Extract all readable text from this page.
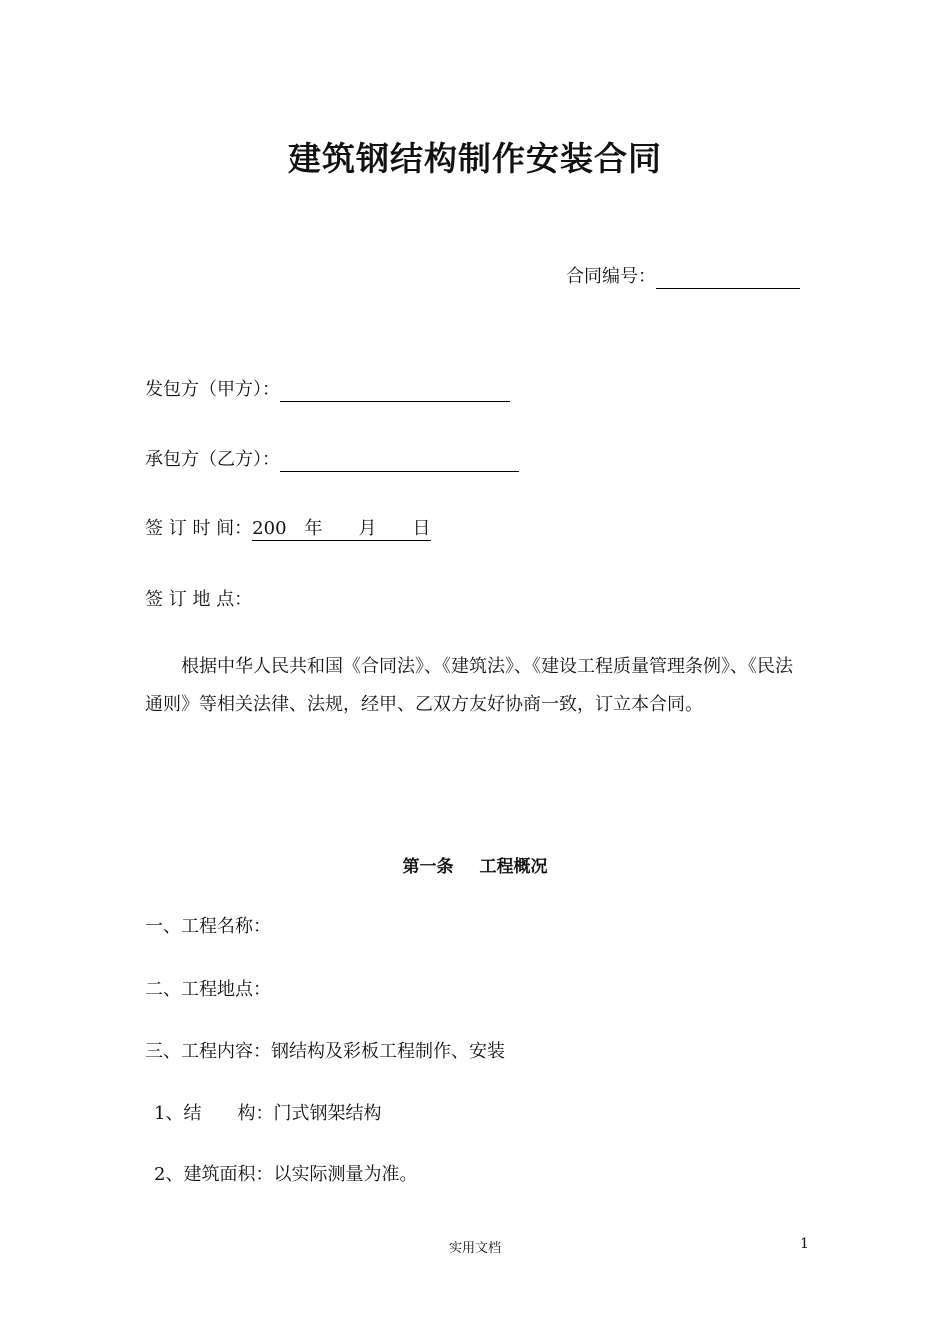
建筑钢结构制作安装合同
合同编号：
发包方（甲方）：
承包方（乙方）：
签 订 时 间：200　年　　月　　日
签 订 地 点：
根据中华人民共和国《合同法》、《建筑法》、《建设工程质量管理条例》、《民法
通则》等相关法律、法规，经甲、乙双方友好协商一致，订立本合同。
第一条 工程概况
一、工程名称：
二、工程地点：
三、工程内容：钢结构及彩板工程制作、安装
1、结　　构：门式钢架结构
2、建筑面积：以实际测量为准。
实用文档	1
